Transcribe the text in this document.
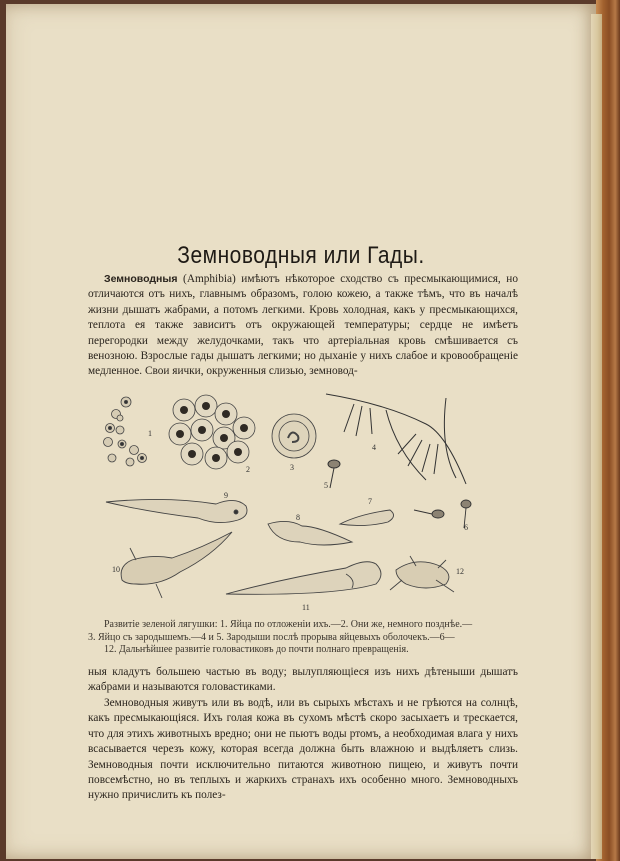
Земноводныя или Гады.
Земноводныя (Amphibia) имѣютъ нѣкоторое сходство съ пресмыкающимися, но отличаются отъ нихъ, главнымъ образомъ, голою кожею, а также тѣмъ, что въ началѣ жизни дышатъ жабрами, а потомъ легкими. Кровь холодная, какъ у пресмыкающихся, теплота ея также зависитъ отъ окружающей температуры; сердце не имѣетъ перегородки между желудочками, такъ что артеріальная кровь смѣшивается съ венозною. Взрослые гады дышатъ легкими; но дыханіе у нихъ слабое и кровообращеніе медленное. Свои яички, окруженныя слизью, земновод-
1
2	3
4
5
9
7
8
6
10
11
12
Развитіе зеленой лягушки: 1. Яйца по отложеніи ихъ.—2. Они же, немного позднѣе.—
3. Яйцо съ зародышемъ.—4 и 5. Зародыши послѣ прорыва яйцевыхъ оболочекъ.—6—
12. Дальнѣйшее развитіе головастиковъ до почти полнаго превращенія.
ныя кладутъ большею частью въ воду; вылупляющіеся изъ нихъ дѣтеныши дышатъ жабрами и называются головастиками.
Земноводныя живутъ или въ водѣ, или въ сырыхъ мѣстахъ и не грѣются на солнцѣ, какъ пресмыкающіяся. Ихъ голая кожа въ сухомъ мѣстѣ скоро засыхаетъ и трескается, что для этихъ животныхъ вредно; они не пьютъ воды ртомъ, а необходимая влага у нихъ всасывается черезъ кожу, которая всегда должна быть влажною и выдѣляетъ слизь. Земноводныя почти исключительно питаются животною пищею, и живутъ почти повсемѣстно, но въ теплыхъ и жаркихъ странахъ ихъ особенно много. Земноводныхъ нужно причислить къ полез-
